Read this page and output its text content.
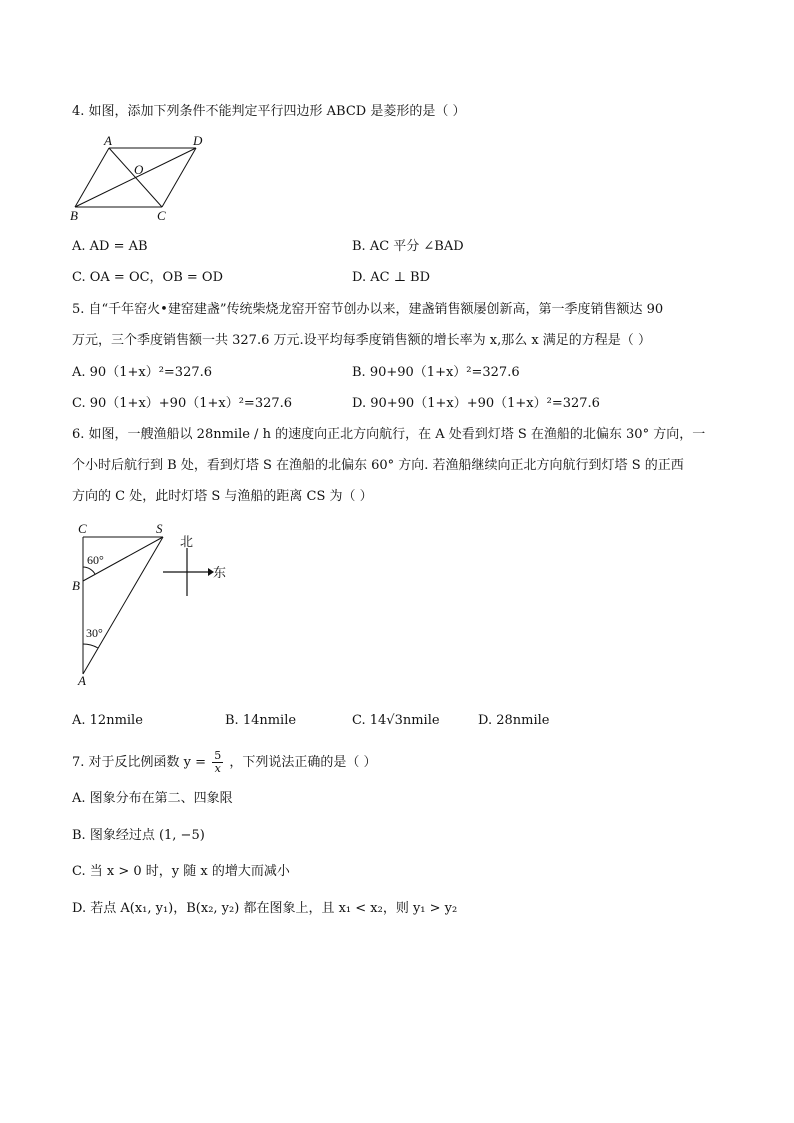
4. 如图，添加下列条件不能判定平行四边形 ABCD 是菱形的是（ ）
A	D
O
B	C
A. AD = AB	B. AC 平分 ∠BAD
C. OA = OC，OB = OD	D. AC ⊥ BD
5. 自“千年窑火•建窑建盏”传统柴烧龙窑开窑节创办以来，建盏销售额屡创新高，第一季度销售额达 90
万元，三个季度销售额一共 327.6 万元.设平均每季度销售额的增长率为 x,那么 x 满足的方程是（ ）
A. 90（1+x）²=327.6	B. 90+90（1+x）²=327.6
C. 90（1+x）+90（1+x）²=327.6	D. 90+90（1+x）+90（1+x）²=327.6
6. 如图，一艘渔船以 28nmile / h 的速度向正北方向航行，在 A 处看到灯塔 S 在渔船的北偏东 30° 方向，一
个小时后航行到 B 处，看到灯塔 S 在渔船的北偏东 60° 方向. 若渔船继续向正北方向航行到灯塔 S 的正西
方向的 C 处，此时灯塔 S 与渔船的距离 CS 为（ ）
C	S
B
A
60°
30°
北
东
A. 12nmile	B. 14nmile	C. 14√3nmile	D. 28nmile
7. 对于反比例函数 $y = \frac{5}{x}$ ，下列说法正确的是（ ）
A. 图象分布在第二、四象限
B. 图象经过点 (1, −5)
C. 当 x > 0 时，y 随 x 的增大而减小
D. 若点 A(x₁, y₁)，B(x₂, y₂) 都在图象上，且 x₁ < x₂，则 y₁ > y₂
